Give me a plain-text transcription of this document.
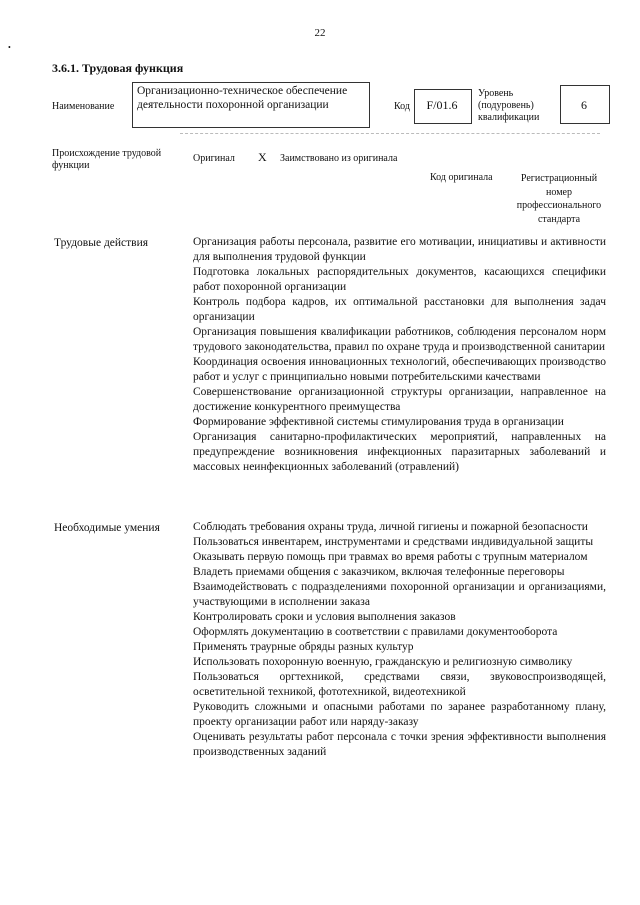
•
22
3.6.1. Трудовая функция
Наименование
Организационно-техническое обеспечение деятельности похоронной организации	Код	F/01.6
Уровень (подуровень) квалификации
6
Происхождение трудовой функции
Оригинал X Заимствовано из оригинала
Код оригинала	Регистрационный номер профессионального стандарта
Трудовые действия	Организация работы персонала, развитие его мотивации, инициативы и активности для выполнения трудовой функции

Подготовка локальных распорядительных документов, касающихся специфики работ похоронной организации

Контроль подбора кадров, их оптимальной расстановки для выполнения задач организации

Организация повышения квалификации работников, соблюдения персоналом норм трудового законодательства, правил по охране труда и производственной санитарии

Координация освоения инновационных технологий, обеспечивающих производство работ и услуг с принципиально новыми потребительскими качествами

Совершенствование организационной структуры организации, направленное на достижение конкурентного преимущества

Формирование эффективной системы стимулирования труда в организации

Организация санитарно-профилактических мероприятий, направленных на предупреждение возникновения инфекционных паразитарных заболеваний и массовых неинфекционных заболеваний (отравлений)

Необходимые умения	Соблюдать требования охраны труда, личной гигиены и пожарной безопасности

Пользоваться инвентарем, инструментами и средствами индивидуальной защиты

Оказывать первую помощь при травмах во время работы с трупным материалом

Владеть приемами общения с заказчиком, включая телефонные переговоры

Взаимодействовать с подразделениями похоронной организации и организациями, участвующими в исполнении заказа

Контролировать сроки и условия выполнения заказов

Оформлять документацию в соответствии с правилами документооборота

Применять траурные обряды разных культур

Использовать похоронную военную, гражданскую и религиозную символику

Пользоваться оргтехникой, средствами связи, звуковоспроизводящей, осветительной техникой, фототехникой, видеотехникой

Руководить сложными и опасными работами по заранее разработанному плану, проекту организации работ или наряду-заказу

Оценивать результаты работ персонала с точки зрения эффективности выполнения производственных заданий
